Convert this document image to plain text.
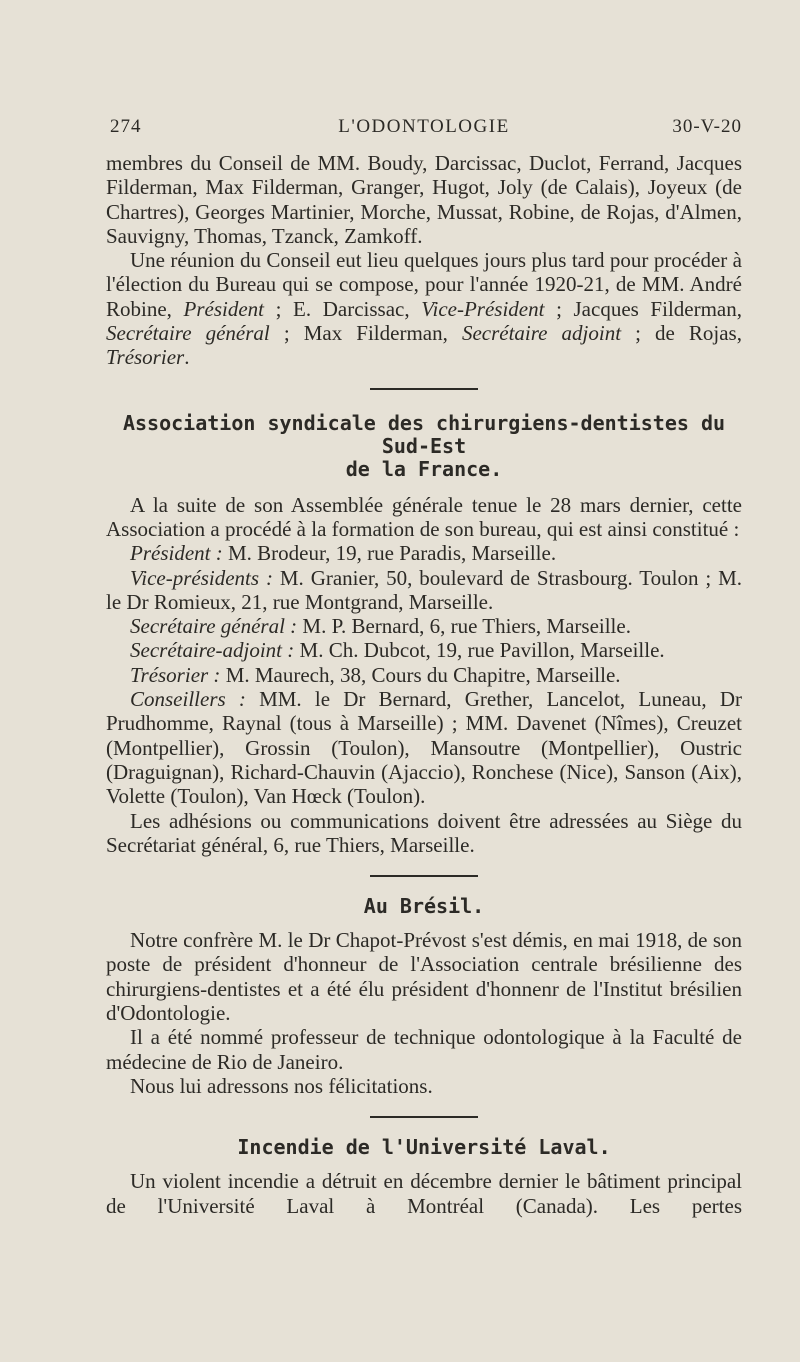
274	L'ODONTOLOGIE	30-V-20

membres du Conseil de MM. Boudy, Darcissac, Duclot, Ferrand, Jacques Filderman, Max Filderman, Granger, Hugot, Joly (de Calais), Joyeux (de Chartres), Georges Martinier, Morche, Mussat, Robine, de Rojas, d'Almen, Sauvigny, Thomas, Tzanck, Zamkoff.

Une réunion du Conseil eut lieu quelques jours plus tard pour procéder à l'élection du Bureau qui se compose, pour l'année 1920-21, de MM. André Robine, Président ; E. Darcissac, Vice-Président ; Jacques Filderman, Secrétaire général ; Max Filderman, Secrétaire adjoint ; de Rojas, Trésorier.

Association syndicale des chirurgiens-dentistes du Sud-Est
de la France.

A la suite de son Assemblée générale tenue le 28 mars dernier, cette Association a procédé à la formation de son bureau, qui est ainsi constitué :

Président : M. Brodeur, 19, rue Paradis, Marseille.

Vice-présidents : M. Granier, 50, boulevard de Strasbourg. Toulon ; M. le Dr Romieux, 21, rue Montgrand, Marseille.

Secrétaire général : M. P. Bernard, 6, rue Thiers, Marseille.

Secrétaire-adjoint : M. Ch. Dubcot, 19, rue Pavillon, Marseille.

Trésorier : M. Maurech, 38, Cours du Chapitre, Marseille.

Conseillers : MM. le Dr Bernard, Grether, Lancelot, Luneau, Dr Prudhomme, Raynal (tous à Marseille) ; MM. Davenet (Nîmes), Creuzet (Montpellier), Grossin (Toulon), Mansoutre (Montpellier), Oustric (Draguignan), Richard-Chauvin (Ajaccio), Ronchese (Nice), Sanson (Aix), Volette (Toulon), Van Hœck (Toulon).

Les adhésions ou communications doivent être adressées au Siège du Secrétariat général, 6, rue Thiers, Marseille.

Au Brésil.

Notre confrère M. le Dr Chapot-Prévost s'est démis, en mai 1918, de son poste de président d'honneur de l'Association centrale brésilienne des chirurgiens-dentistes et a été élu président d'honnenr de l'Institut brésilien d'Odontologie.

Il a été nommé professeur de technique odontologique à la Faculté de médecine de Rio de Janeiro.

Nous lui adressons nos félicitations.

Incendie de l'Université Laval.

Un violent incendie a détruit en décembre dernier le bâtiment principal de l'Université Laval à Montréal (Canada). Les pertes
